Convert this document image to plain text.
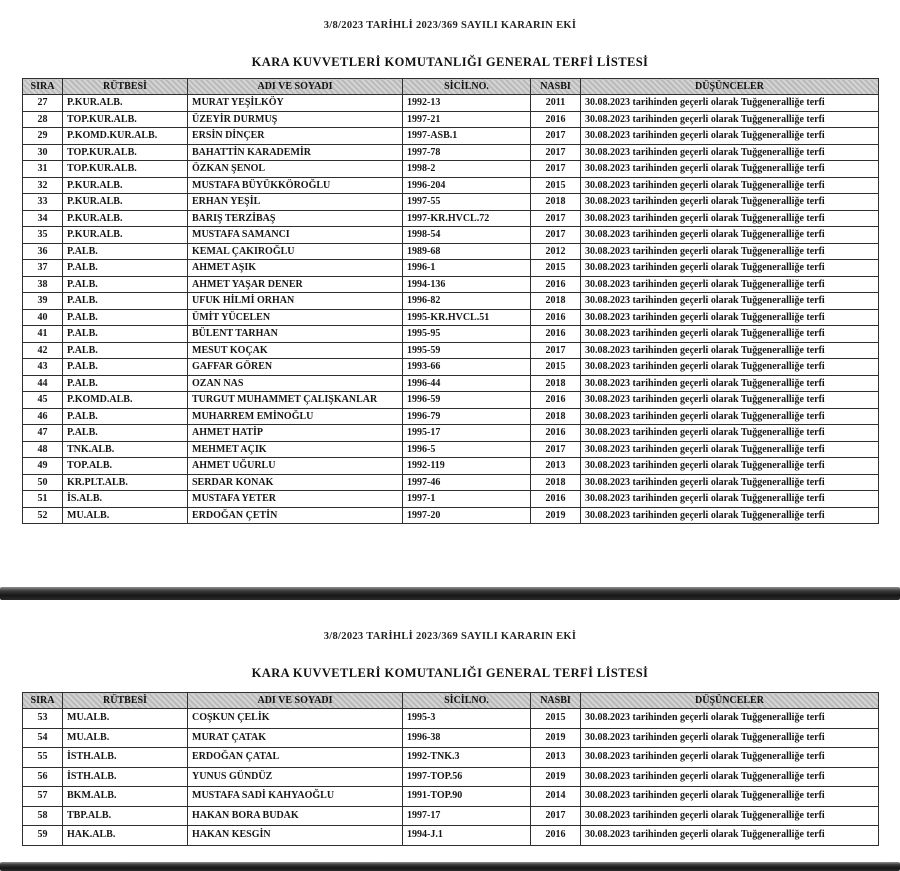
3/8/2023 TARİHLİ 2023/369 SAYILI KARARIN EKİ
KARA KUVVETLERİ KOMUTANLIĞI GENERAL TERFİ LİSTESİ
SIRA	RÜTBESİ	ADI VE SOYADI	SİCİLNO.	NASBI	DÜŞÜNCELER
27	P.KUR.ALB.	MURAT YEŞİLKÖY	1992-13	2011	30.08.2023 tarihinden geçerli olarak Tuğgeneralliğe terfi
28	TOP.KUR.ALB.	ÜZEYİR DURMUŞ	1997-21	2016	30.08.2023 tarihinden geçerli olarak Tuğgeneralliğe terfi
29	P.KOMD.KUR.ALB.	ERSİN DİNÇER	1997-ASB.1	2017	30.08.2023 tarihinden geçerli olarak Tuğgeneralliğe terfi
30	TOP.KUR.ALB.	BAHATTİN KARADEMİR	1997-78	2017	30.08.2023 tarihinden geçerli olarak Tuğgeneralliğe terfi
31	TOP.KUR.ALB.	ÖZKAN ŞENOL	1998-2	2017	30.08.2023 tarihinden geçerli olarak Tuğgeneralliğe terfi
32	P.KUR.ALB.	MUSTAFA BÜYÜKKÖROĞLU	1996-204	2015	30.08.2023 tarihinden geçerli olarak Tuğgeneralliğe terfi
33	P.KUR.ALB.	ERHAN YEŞİL	1997-55	2018	30.08.2023 tarihinden geçerli olarak Tuğgeneralliğe terfi
34	P.KUR.ALB.	BARIŞ TERZİBAŞ	1997-KR.HVCL.72	2017	30.08.2023 tarihinden geçerli olarak Tuğgeneralliğe terfi
35	P.KUR.ALB.	MUSTAFA SAMANCI	1998-54	2017	30.08.2023 tarihinden geçerli olarak Tuğgeneralliğe terfi
36	P.ALB.	KEMAL ÇAKIROĞLU	1989-68	2012	30.08.2023 tarihinden geçerli olarak Tuğgeneralliğe terfi
37	P.ALB.	AHMET AŞIK	1996-1	2015	30.08.2023 tarihinden geçerli olarak Tuğgeneralliğe terfi
38	P.ALB.	AHMET YAŞAR DENER	1994-136	2016	30.08.2023 tarihinden geçerli olarak Tuğgeneralliğe terfi
39	P.ALB.	UFUK HİLMİ ORHAN	1996-82	2018	30.08.2023 tarihinden geçerli olarak Tuğgeneralliğe terfi
40	P.ALB.	ÜMİT YÜCELEN	1995-KR.HVCL.51	2016	30.08.2023 tarihinden geçerli olarak Tuğgeneralliğe terfi
41	P.ALB.	BÜLENT TARHAN	1995-95	2016	30.08.2023 tarihinden geçerli olarak Tuğgeneralliğe terfi
42	P.ALB.	MESUT KOÇAK	1995-59	2017	30.08.2023 tarihinden geçerli olarak Tuğgeneralliğe terfi
43	P.ALB.	GAFFAR GÖREN	1993-66	2015	30.08.2023 tarihinden geçerli olarak Tuğgeneralliğe terfi
44	P.ALB.	OZAN NAS	1996-44	2018	30.08.2023 tarihinden geçerli olarak Tuğgeneralliğe terfi
45	P.KOMD.ALB.	TURGUT MUHAMMET ÇALIŞKANLAR	1996-59	2016	30.08.2023 tarihinden geçerli olarak Tuğgeneralliğe terfi
46	P.ALB.	MUHARREM EMİNOĞLU	1996-79	2018	30.08.2023 tarihinden geçerli olarak Tuğgeneralliğe terfi
47	P.ALB.	AHMET HATİP	1995-17	2016	30.08.2023 tarihinden geçerli olarak Tuğgeneralliğe terfi
48	TNK.ALB.	MEHMET AÇIK	1996-5	2017	30.08.2023 tarihinden geçerli olarak Tuğgeneralliğe terfi
49	TOP.ALB.	AHMET UĞURLU	1992-119	2013	30.08.2023 tarihinden geçerli olarak Tuğgeneralliğe terfi
50	KR.PLT.ALB.	SERDAR KONAK	1997-46	2018	30.08.2023 tarihinden geçerli olarak Tuğgeneralliğe terfi
51	İS.ALB.	MUSTAFA YETER	1997-1	2016	30.08.2023 tarihinden geçerli olarak Tuğgeneralliğe terfi
52	MU.ALB.	ERDOĞAN ÇETİN	1997-20	2019	30.08.2023 tarihinden geçerli olarak Tuğgeneralliğe terfi
3/8/2023 TARİHLİ 2023/369 SAYILI KARARIN EKİ
KARA KUVVETLERİ KOMUTANLIĞI GENERAL TERFİ LİSTESİ
SIRA	RÜTBESİ	ADI VE SOYADI	SİCİLNO.	NASBI	DÜŞÜNCELER
53	MU.ALB.	COŞKUN ÇELİK	1995-3	2015	30.08.2023 tarihinden geçerli olarak Tuğgeneralliğe terfi
54	MU.ALB.	MURAT ÇATAK	1996-38	2019	30.08.2023 tarihinden geçerli olarak Tuğgeneralliğe terfi
55	İSTH.ALB.	ERDOĞAN ÇATAL	1992-TNK.3	2013	30.08.2023 tarihinden geçerli olarak Tuğgeneralliğe terfi
56	İSTH.ALB.	YUNUS GÜNDÜZ	1997-TOP.56	2019	30.08.2023 tarihinden geçerli olarak Tuğgeneralliğe terfi
57	BKM.ALB.	MUSTAFA SADİ KAHYAOĞLU	1991-TOP.90	2014	30.08.2023 tarihinden geçerli olarak Tuğgeneralliğe terfi
58	TBP.ALB.	HAKAN BORA BUDAK	1997-17	2017	30.08.2023 tarihinden geçerli olarak Tuğgeneralliğe terfi
59	HAK.ALB.	HAKAN KESGİN	1994-J.1	2016	30.08.2023 tarihinden geçerli olarak Tuğgeneralliğe terfi
